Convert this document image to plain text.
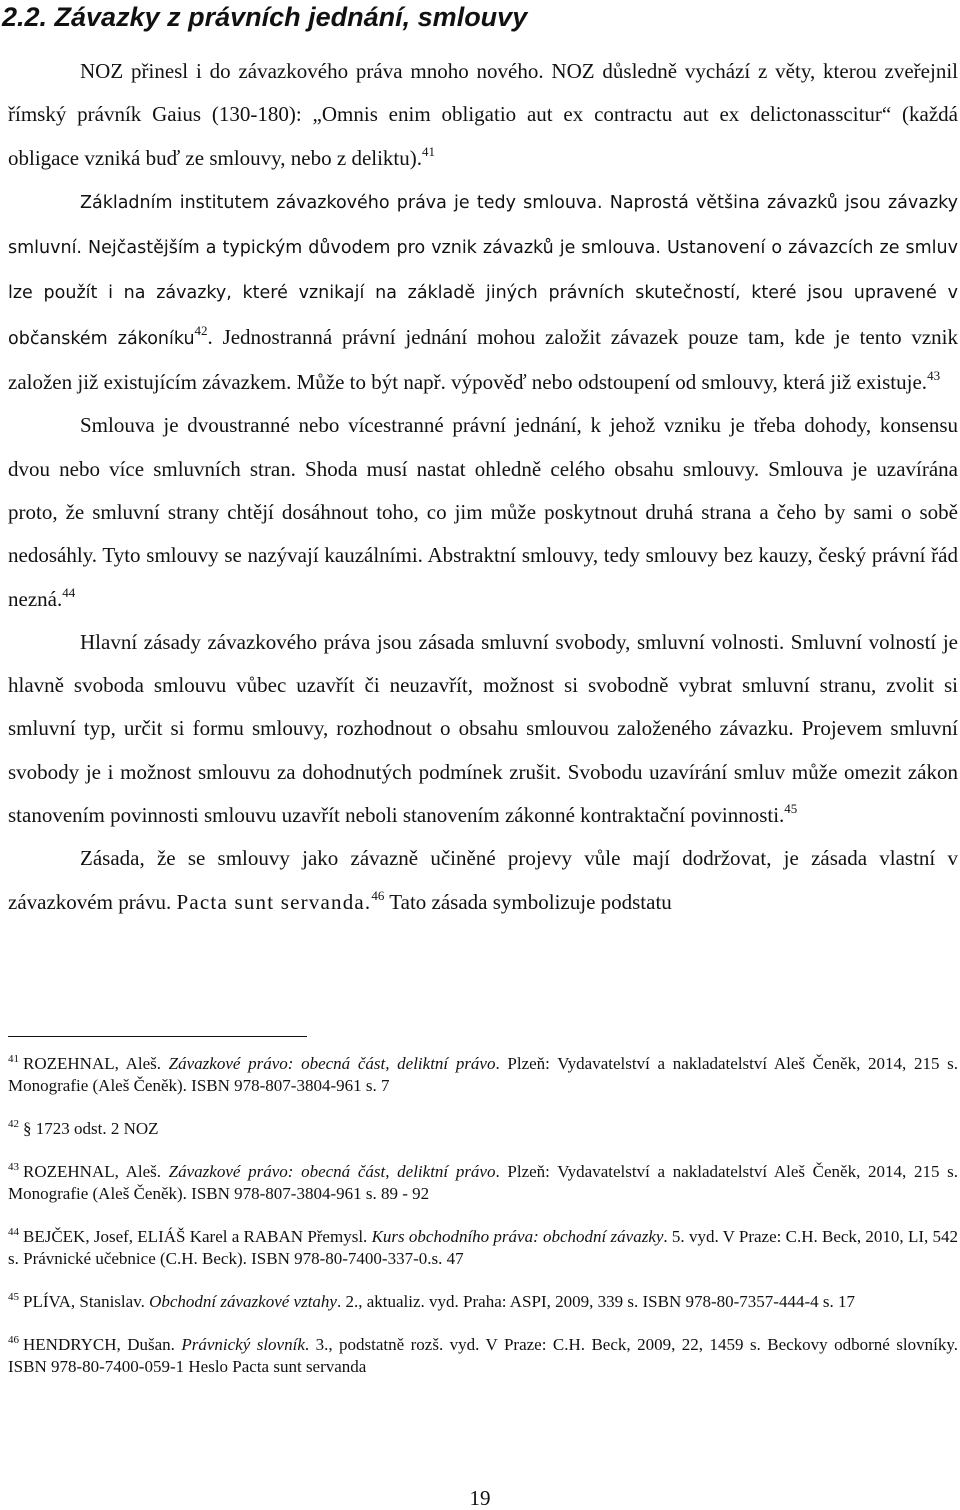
2.2. Závazky z právních jednání, smlouvy

NOZ přinesl i do závazkového práva mnoho nového. NOZ důsledně vychází z věty, kterou zveřejnil římský právník Gaius (130-180): „Omnis enim obligatio aut ex contractu aut ex delictonasscitur“ (každá obligace vzniká buď ze smlouvy, nebo z deliktu).$^{41}$

Základním institutem závazkového práva je tedy smlouva. Naprostá většina závazků jsou závazky smluvní. Nejčastějším a typickým důvodem pro vznik závazků je smlouva. Ustanovení o závazcích ze smluv lze použít i na závazky, které vznikají na základě jiných právních skutečností, které jsou upravené v občanském zákoníku$^{42}$. Jednostranná právní jednání mohou založit závazek pouze tam, kde je tento vznik založen již existujícím závazkem. Může to být např. výpověď nebo odstoupení od smlouvy, která již existuje.$^{43}$

Smlouva je dvoustranné nebo vícestranné právní jednání, k jehož vzniku je třeba dohody, konsensu dvou nebo více smluvních stran. Shoda musí nastat ohledně celého obsahu smlouvy. Smlouva je uzavírána proto, že smluvní strany chtějí dosáhnout toho, co jim může poskytnout druhá strana a čeho by sami o sobě nedosáhly. Tyto smlouvy se nazývají kauzálními. Abstraktní smlouvy, tedy smlouvy bez kauzy, český právní řád nezná.$^{44}$

Hlavní zásady závazkového práva jsou zásada smluvní svobody, smluvní volnosti. Smluvní volností je hlavně svoboda smlouvu vůbec uzavřít či neuzavřít, možnost si svobodně vybrat smluvní stranu, zvolit si smluvní typ, určit si formu smlouvy, rozhodnout o obsahu smlouvou založeného závazku. Projevem smluvní svobody je i možnost smlouvu za dohodnutých podmínek zrušit. Svobodu uzavírání smluv může omezit zákon stanovením povinnosti smlouvu uzavřít neboli stanovením zákonné kontraktační povinnosti.$^{45}$

Zásada, že se smlouvy jako závazně učiněné projevy vůle mají dodržovat, je zásada vlastní v závazkovém právu. Pacta sunt servanda.$^{46}$ Tato zásada symbolizuje podstatu

$^{41}$ ROZEHNAL, Aleš. Závazkové právo: obecná část, deliktní právo. Plzeň: Vydavatelství a nakladatelství Aleš Čeněk, 2014, 215 s. Monografie (Aleš Čeněk). ISBN 978-807-3804-961 s. 7

$^{42}$ § 1723 odst. 2 NOZ

$^{43}$ ROZEHNAL, Aleš. Závazkové právo: obecná část, deliktní právo. Plzeň: Vydavatelství a nakladatelství Aleš Čeněk, 2014, 215 s. Monografie (Aleš Čeněk). ISBN 978-807-3804-961 s. 89 - 92

$^{44}$ BEJČEK, Josef, ELIÁŠ Karel a RABAN Přemysl. Kurs obchodního práva: obchodní závazky. 5. vyd. V Praze: C.H. Beck, 2010, LI, 542 s. Právnické učebnice (C.H. Beck). ISBN 978-80-7400-337-0.s. 47

$^{45}$ PLÍVA, Stanislav. Obchodní závazkové vztahy. 2., aktualiz. vyd. Praha: ASPI, 2009, 339 s. ISBN 978-80-7357-444-4 s. 17

$^{46}$ HENDRYCH, Dušan. Právnický slovník. 3., podstatně rozš. vyd. V Praze: C.H. Beck, 2009, 22, 1459 s. Beckovy odborné slovníky. ISBN 978-80-7400-059-1 Heslo Pacta sunt servanda

19
